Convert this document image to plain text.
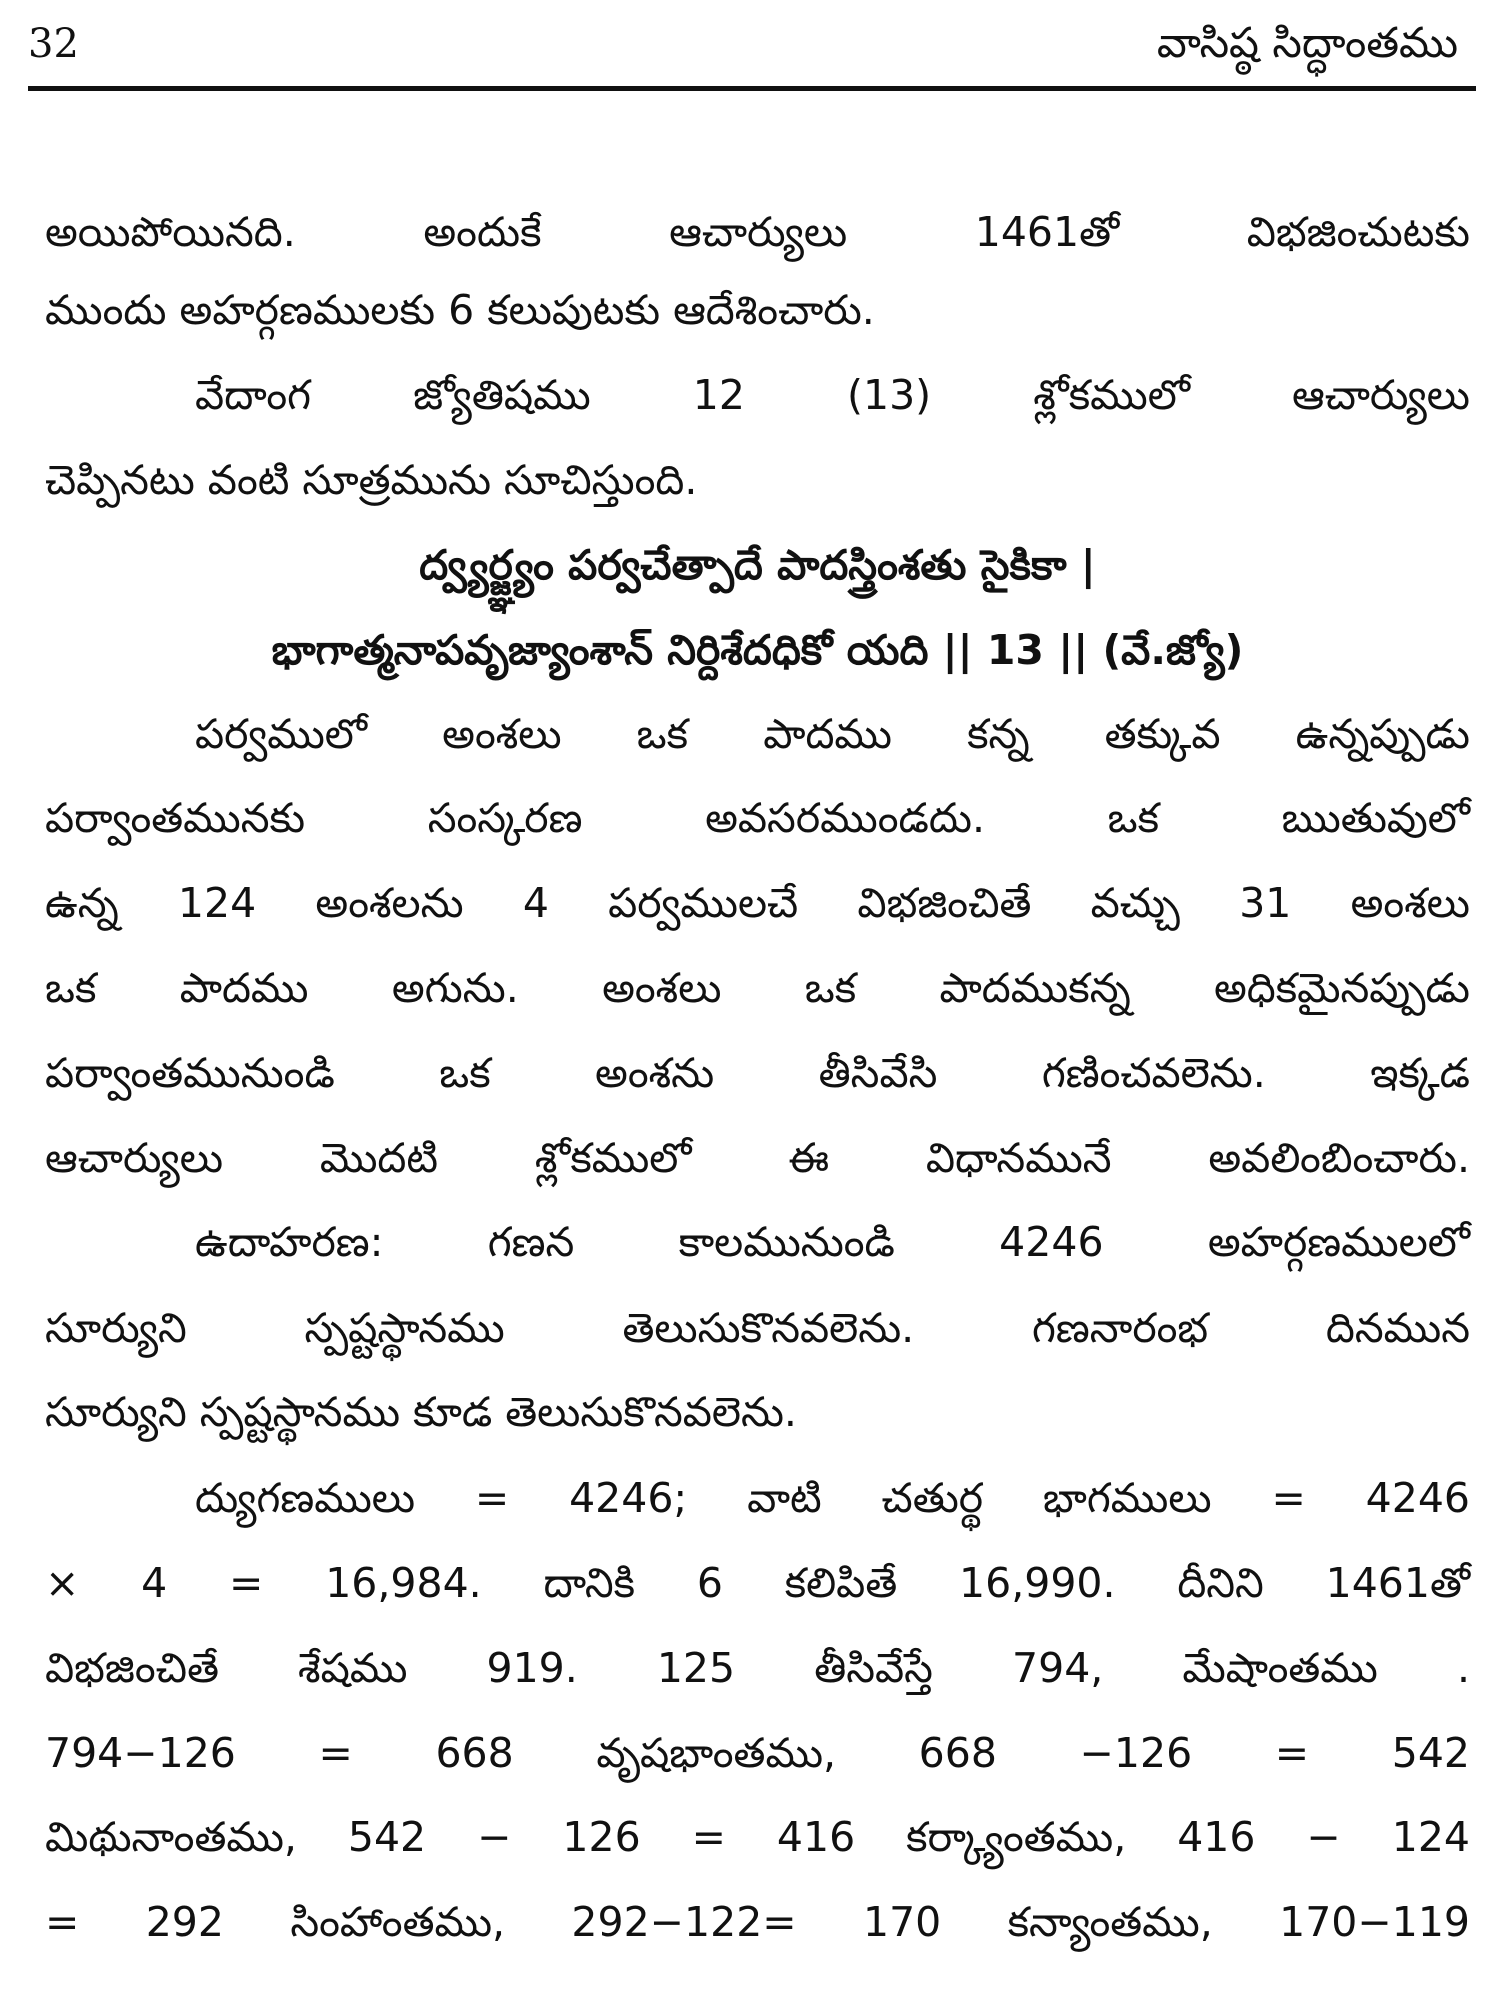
32	వాసిష్ఠ సిద్ధాంతము
అయిపోయినది. అందుకే ఆచార్యులు 1461తో విభజించుటకు
ముందు అహర్గణములకు 6 కలుపుటకు ఆదేశించారు.
వేదాంగ జ్యోతిషము 12 (13) శ్లోకములో ఆచార్యులు
చెప్పినటు వంటి సూత్రమును సూచిస్తుంది.
ద్వ్యర్జ్ఞ్యం పర్వచేత్పాదే పాదస్త్రింశతు సైకికా |
భాగాత్మనాపవృజ్యాంశాన్ నిర్దిశేదధికో యది || 13 || (వే.జ్యో)
పర్వములో అంశలు ఒక పాదము కన్న తక్కువ ఉన్నప్పుడు
పర్వాంతమునకు సంస్కరణ అవసరముండదు. ఒక ఋతువులో
ఉన్న 124 అంశలను 4 పర్వములచే విభజించితే వచ్చు 31 అంశలు
ఒక పాదము అగును. అంశలు ఒక పాదముకన్న అధికమైనప్పుడు
పర్వాంతమునుండి ఒక అంశను తీసివేసి గణించవలెను. ఇక్కడ
ఆచార్యులు మొదటి శ్లోకములో ఈ విధానమునే అవలింబించారు.
ఉదాహరణ: గణన కాలమునుండి 4246 అహర్గణములలో
సూర్యుని స్పష్టస్థానము తెలుసుకొనవలెను. గణనారంభ దినమున
సూర్యుని స్పష్టస్థానము కూడ తెలుసుకొనవలెను.
ద్యుగణములు = 4246; వాటి చతుర్థ భాగములు = 4246
× 4 = 16,984. దానికి 6 కలిపితే 16,990. దీనిని 1461తో
విభజించితే శేషము 919. 125 తీసివేస్తే 794, మేషాంతము .
794−126 = 668 వృషభాంతము, 668 −126 = 542
మిథునాంతము, 542 − 126 = 416 కర్క్యాంతము, 416 − 124
= 292 సింహాంతము, 292−122= 170 కన్యాంతము, 170−119
